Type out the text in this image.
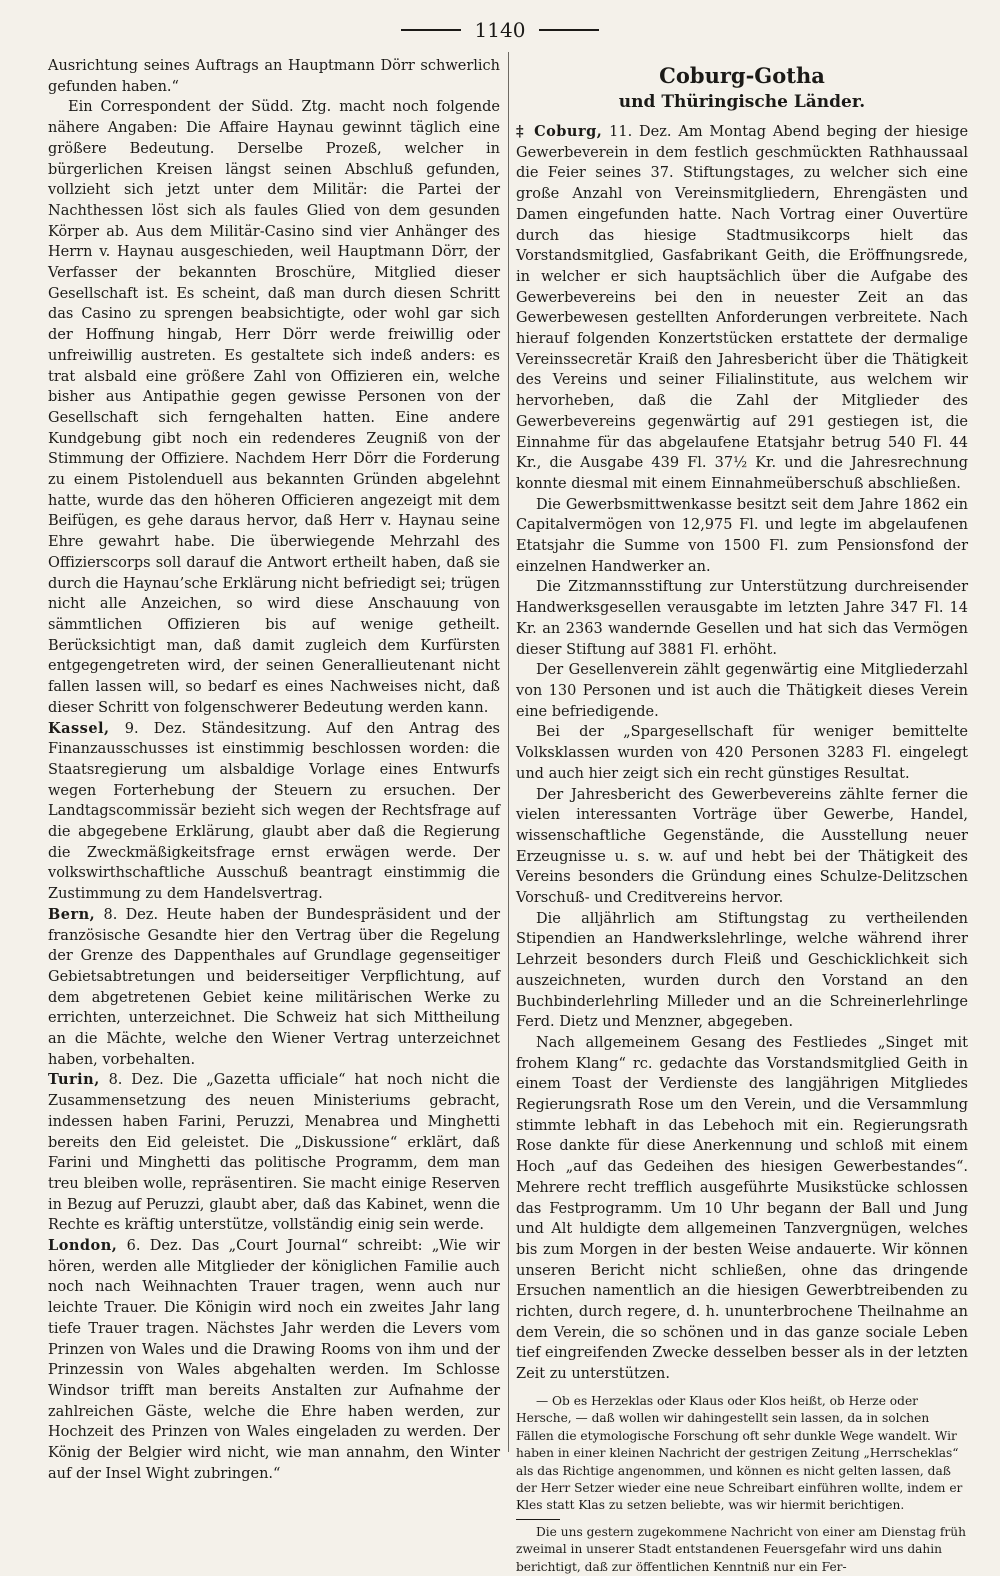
1140

Ausrichtung seines Auftrags an Hauptmann Dörr schwerlich gefunden haben.“

Ein Correspondent der Südd. Ztg. macht noch folgende nähere Angaben: Die Affaire Haynau gewinnt täglich eine größere Bedeutung. Derselbe Prozeß, welcher in bürgerlichen Kreisen längst seinen Abschluß gefunden, vollzieht sich jetzt unter dem Militär: die Partei der Nachthessen löst sich als faules Glied von dem gesunden Körper ab. Aus dem Militär-Casino sind vier Anhänger des Herrn v. Haynau ausgeschieden, weil Hauptmann Dörr, der Verfasser der bekannten Broschüre, Mitglied dieser Gesellschaft ist. Es scheint, daß man durch diesen Schritt das Casino zu sprengen beabsichtigte, oder wohl gar sich der Hoffnung hingab, Herr Dörr werde freiwillig oder unfreiwillig austreten. Es gestaltete sich indeß anders: es trat alsbald eine größere Zahl von Offizieren ein, welche bisher aus Antipathie gegen gewisse Personen von der Gesellschaft sich ferngehalten hatten. Eine andere Kundgebung gibt noch ein redenderes Zeugniß von der Stimmung der Offiziere. Nachdem Herr Dörr die Forderung zu einem Pistolenduell aus bekannten Gründen abgelehnt hatte, wurde das den höheren Officieren angezeigt mit dem Beifügen, es gehe daraus hervor, daß Herr v. Haynau seine Ehre gewahrt habe. Die überwiegende Mehrzahl des Offizierscorps soll darauf die Antwort ertheilt haben, daß sie durch die Haynau’sche Erklärung nicht befriedigt sei; trügen nicht alle Anzeichen, so wird diese Anschauung von sämmtlichen Offizieren bis auf wenige getheilt. Berücksichtigt man, daß damit zugleich dem Kurfürsten entgegengetreten wird, der seinen Generallieutenant nicht fallen lassen will, so bedarf es eines Nachweises nicht, daß dieser Schritt von folgenschwerer Bedeutung werden kann.

Kassel, 9. Dez. Ständesitzung. Auf den Antrag des Finanzausschusses ist einstimmig beschlossen worden: die Staatsregierung um alsbaldige Vorlage eines Entwurfs wegen Forterhebung der Steuern zu ersuchen. Der Landtagscommissär bezieht sich wegen der Rechtsfrage auf die abgegebene Erklärung, glaubt aber daß die Regierung die Zweckmäßigkeitsfrage ernst erwägen werde. Der volkswirthschaftliche Ausschuß beantragt einstimmig die Zustimmung zu dem Handelsvertrag.

Bern, 8. Dez. Heute haben der Bundespräsident und der französische Gesandte hier den Vertrag über die Regelung der Grenze des Dappenthales auf Grundlage gegenseitiger Gebietsabtretungen und beiderseitiger Verpflichtung, auf dem abgetretenen Gebiet keine militärischen Werke zu errichten, unterzeichnet. Die Schweiz hat sich Mittheilung an die Mächte, welche den Wiener Vertrag unterzeichnet haben, vorbehalten.

Turin, 8. Dez. Die „Gazetta ufficiale“ hat noch nicht die Zusammensetzung des neuen Ministeriums gebracht, indessen haben Farini, Peruzzi, Menabrea und Minghetti bereits den Eid geleistet. Die „Diskussione“ erklärt, daß Farini und Minghetti das politische Programm, dem man treu bleiben wolle, repräsentiren. Sie macht einige Reserven in Bezug auf Peruzzi, glaubt aber, daß das Kabinet, wenn die Rechte es kräftig unterstütze, vollständig einig sein werde.

London, 6. Dez. Das „Court Journal“ schreibt: „Wie wir hören, werden alle Mitglieder der königlichen Familie auch noch nach Weihnachten Trauer tragen, wenn auch nur leichte Trauer. Die Königin wird noch ein zweites Jahr lang tiefe Trauer tragen. Nächstes Jahr werden die Levers vom Prinzen von Wales und die Drawing Rooms von ihm und der Prinzessin von Wales abgehalten werden. Im Schlosse Windsor trifft man bereits Anstalten zur Aufnahme der zahlreichen Gäste, welche die Ehre haben werden, zur Hochzeit des Prinzen von Wales eingeladen zu werden. Der König der Belgier wird nicht, wie man annahm, den Winter auf der Insel Wight zubringen.“

Coburg-Gotha
und Thüringische Länder.

‡ Coburg, 11. Dez. Am Montag Abend beging der hiesige Gewerbeverein in dem festlich geschmückten Rathhaussaal die Feier seines 37. Stiftungstages, zu welcher sich eine große Anzahl von Vereinsmitgliedern, Ehrengästen und Damen eingefunden hatte. Nach Vortrag einer Ouvertüre durch das hiesige Stadtmusikcorps hielt das Vorstandsmitglied, Gasfabrikant Geith, die Eröffnungsrede, in welcher er sich hauptsächlich über die Aufgabe des Gewerbevereins bei den in neuester Zeit an das Gewerbewesen gestellten Anforderungen verbreitete. Nach hierauf folgenden Konzertstücken erstattete der dermalige Vereinssecretär Kraiß den Jahresbericht über die Thätigkeit des Vereins und seiner Filialinstitute, aus welchem wir hervorheben, daß die Zahl der Mitglieder des Gewerbevereins gegenwärtig auf 291 gestiegen ist, die Einnahme für das abgelaufene Etatsjahr betrug 540 Fl. 44 Kr., die Ausgabe 439 Fl. 37½ Kr. und die Jahresrechnung konnte diesmal mit einem Einnahmeüberschuß abschließen.

Die Gewerbsmittwenkasse besitzt seit dem Jahre 1862 ein Capitalvermögen von 12,975 Fl. und legte im abgelaufenen Etatsjahr die Summe von 1500 Fl. zum Pensionsfond der einzelnen Handwerker an.

Die Zitzmannsstiftung zur Unterstützung durchreisender Handwerksgesellen verausgabte im letzten Jahre 347 Fl. 14 Kr. an 2363 wandernde Gesellen und hat sich das Vermögen dieser Stiftung auf 3881 Fl. erhöht.

Der Gesellenverein zählt gegenwärtig eine Mitgliederzahl von 130 Personen und ist auch die Thätigkeit dieses Verein eine befriedigende.

Bei der „Spargesellschaft für weniger bemittelte Volksklassen wurden von 420 Personen 3283 Fl. eingelegt und auch hier zeigt sich ein recht günstiges Resultat.

Der Jahresbericht des Gewerbevereins zählte ferner die vielen interessanten Vorträge über Gewerbe, Handel, wissenschaftliche Gegenstände, die Ausstellung neuer Erzeugnisse u. s. w. auf und hebt bei der Thätigkeit des Vereins besonders die Gründung eines Schulze-Delitzschen Vorschuß- und Creditvereins hervor.

Die alljährlich am Stiftungstag zu vertheilenden Stipendien an Handwerkslehrlinge, welche während ihrer Lehrzeit besonders durch Fleiß und Geschicklichkeit sich auszeichneten, wurden durch den Vorstand an den Buchbinderlehrling Milleder und an die Schreinerlehrlinge Ferd. Dietz und Menzner, abgegeben.

Nach allgemeinem Gesang des Festliedes „Singet mit frohem Klang“ rc. gedachte das Vorstandsmitglied Geith in einem Toast der Verdienste des langjährigen Mitgliedes Regierungsrath Rose um den Verein, und die Versammlung stimmte lebhaft in das Lebehoch mit ein. Regierungsrath Rose dankte für diese Anerkennung und schloß mit einem Hoch „auf das Gedeihen des hiesigen Gewerbestandes“. Mehrere recht trefflich ausgeführte Musikstücke schlossen das Festprogramm. Um 10 Uhr begann der Ball und Jung und Alt huldigte dem allgemeinen Tanzvergnügen, welches bis zum Morgen in der besten Weise andauerte. Wir können unseren Bericht nicht schließen, ohne das dringende Ersuchen namentlich an die hiesigen Gewerbtreibenden zu richten, durch regere, d. h. ununterbrochene Theilnahme an dem Verein, die so schönen und in das ganze sociale Leben tief eingreifenden Zwecke desselben besser als in der letzten Zeit zu unterstützen.

— Ob es Herzeklas oder Klaus oder Klos heißt, ob Herze oder Hersche, — daß wollen wir dahingestellt sein lassen, da in solchen Fällen die etymologische Forschung oft sehr dunkle Wege wandelt. Wir haben in einer kleinen Nachricht der gestrigen Zeitung „Herrscheklas“ als das Richtige angenommen, und können es nicht gelten lassen, daß der Herr Setzer wieder eine neue Schreibart einführen wollte, indem er Kles statt Klas zu setzen beliebte, was wir hiermit berichtigen.

Die uns gestern zugekommene Nachricht von einer am Dienstag früh zweimal in unserer Stadt entstandenen Feuersgefahr wird uns dahin berichtigt, daß zur öffentlichen Kenntniß nur ein Fer-
